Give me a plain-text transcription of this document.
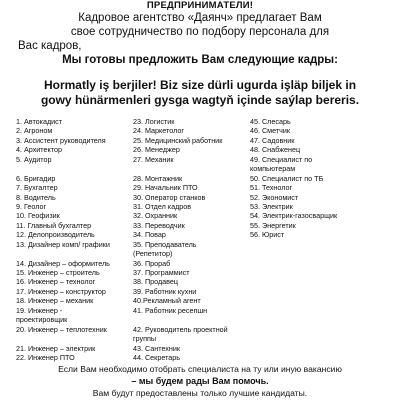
ПРЕДПРИНИМАТЕЛИ!
Кадровое агентство «Даянч» предлагает Вам
свое сотрудничество по подбору персонала для
Вас кадров,
Мы готовы предложить Вам следующие кадры:
Hormatly iş berjiler! Biz size dürli ugurda işläp biljek in
gowy hünärmenleri gysga wagtyň içinde saýlap bereris.
1. Автокадист
2. Агроном
3. Ассистент руководителя
4. Архитектор
5. Аудитор
6. Бригадир
7. Бухгалтер
8. Водитель
9. Геолог
10. Геофизик
11. Главный бухгалтер
12. Делопроизводитель
13. Дизайнер комп/ графики
14. Дизайнер – оформитель
15. Инженер – строитель
16. Инженер – технолог
17. Инженер – конструктор
18. Инженер – механик
19. Инженер -
проектировщик
20. Инженер – теплотехник
21. Инженер – электрик
22. Инженер ПТО
23. Логистик
24. Маркетолог
25. Медицинский работник
26. Менеджер
27. Механик
28. Монтажник
29. Начальник ПТО
30. Оператор станков
31. Отдел кадров
32. Охранник
33. Переводчик
34. Повар
35. Преподаватель
(Репетитор)
36. Прораб
37. Программист
38. Продавец
39. Работник кухни
40.Рекламный агент
41. Работник ресепшн
42. Руководитель проектной
группы
43. Сантехник
44. Секретарь
45. Слесарь
46. Сметчик
47. Садовник
48. Снабженец
49. Специалист по
компьютерам
50. Специалист по ТБ
51. Технолог
52. Экономист
53. Электрик
54. Электрик-газосварщик
55. Энергетик
56. Юрист
Если Вам необходимо отобрать специалиста на ту или иную вакансию
– мы будем рады Вам помочь.
Вам будут предоставлены только лучшие кандидаты.
